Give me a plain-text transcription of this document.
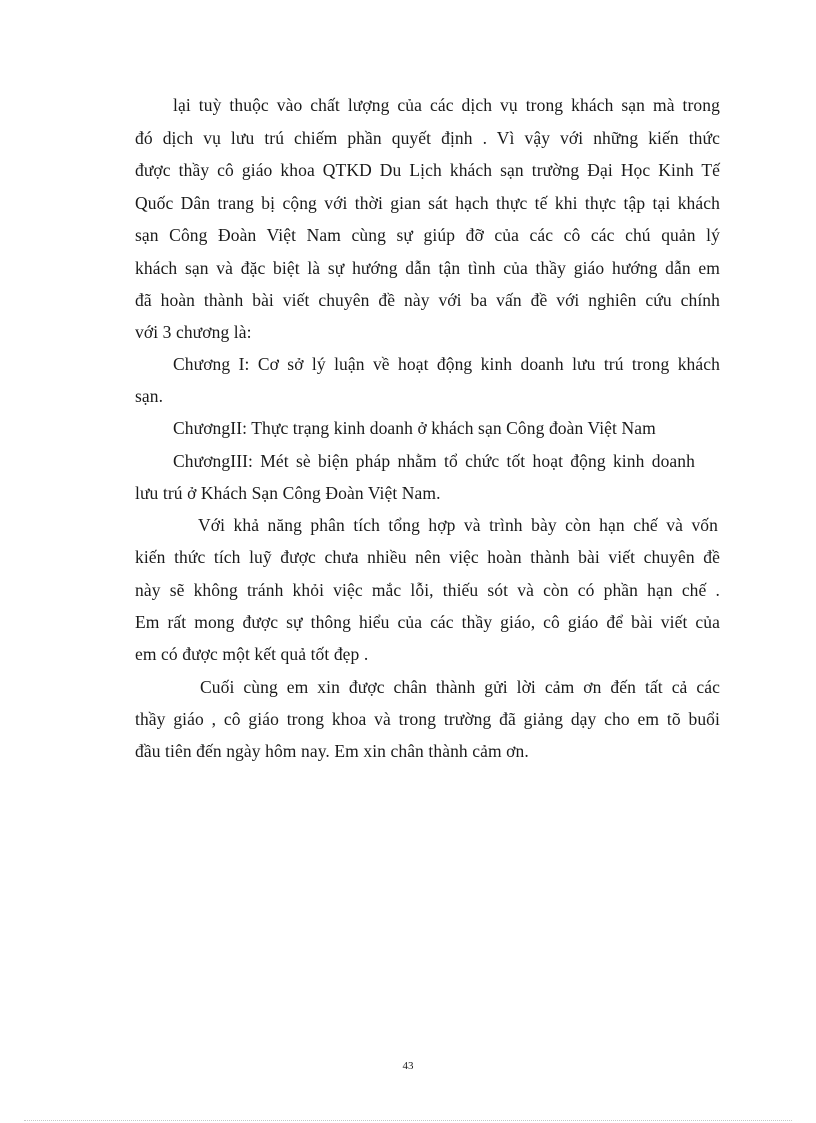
lại tuỳ thuộc vào chất lượng của các dịch vụ trong khách sạn mà trong
đó dịch vụ lưu trú chiếm phần quyết định . Vì vậy với những kiến thức
được thầy cô giáo khoa QTKD Du Lịch khách sạn trường Đại Học Kinh Tế
Quốc Dân trang bị cộng với thời gian sát hạch thực tế khi thực tập tại khách
sạn Công Đoàn Việt Nam cùng sự giúp đỡ của các cô các chú quản lý
khách sạn và đặc biệt là sự hướng dẫn tận tình của thầy giáo hướng dẫn em
đã hoàn thành bài viết chuyên đề này với ba vấn đề với nghiên cứu chính
với 3 chương là:
Chương I: Cơ sở lý luận về hoạt động kinh doanh lưu trú trong khách
sạn.
ChươngII: Thực trạng kinh doanh ở khách sạn Công đoàn Việt Nam
ChươngIII: Mét sè biện pháp nhằm tổ chức tốt hoạt động kinh doanh
lưu trú ở Khách Sạn Công Đoàn Việt Nam.
Với khả năng phân tích tổng hợp và trình bày còn hạn chế và vốn
kiến thức tích luỹ được chưa nhiều nên việc hoàn thành bài viết chuyên đề
này sẽ không tránh khỏi việc mắc lỗi, thiếu sót và còn có phần hạn chế .
Em rất mong được sự thông hiểu của các thầy giáo, cô giáo để bài viết của
em có được một kết quả tốt đẹp .
Cuối cùng em xin được chân thành gửi lời cảm ơn đến tất cả các
thầy giáo , cô giáo trong khoa và trong trường đã giảng dạy cho em tõ buổi
đầu tiên đến ngày hôm nay. Em xin chân thành cảm ơn.
43
